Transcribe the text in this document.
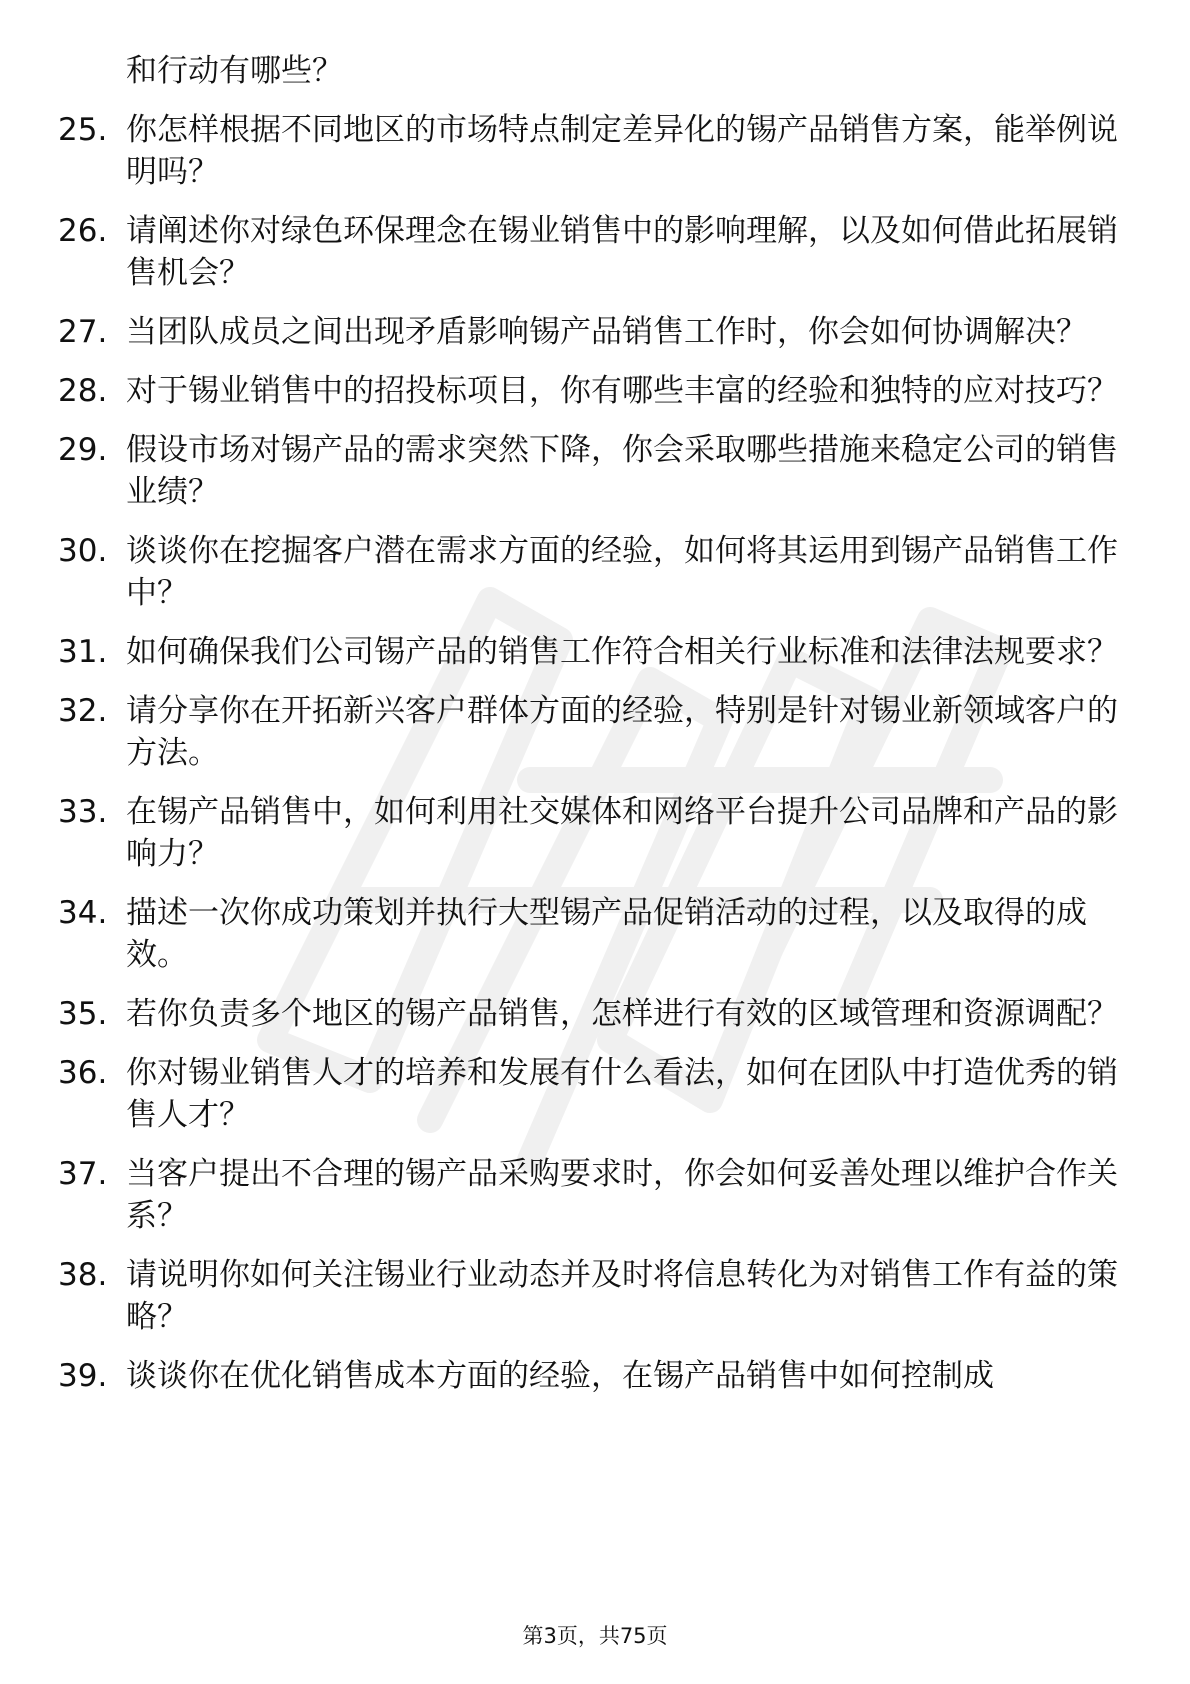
和行动有哪些？
25. 你怎样根据不同地区的市场特点制定差异化的锡产品销售方案，能举例说明吗？
26. 请阐述你对绿色环保理念在锡业销售中的影响理解，以及如何借此拓展销售机会？
27. 当团队成员之间出现矛盾影响锡产品销售工作时，你会如何协调解决？
28. 对于锡业销售中的招投标项目，你有哪些丰富的经验和独特的应对技巧？
29. 假设市场对锡产品的需求突然下降，你会采取哪些措施来稳定公司的销售业绩？
30. 谈谈你在挖掘客户潜在需求方面的经验，如何将其运用到锡产品销售工作中？
31. 如何确保我们公司锡产品的销售工作符合相关行业标准和法律法规要求？
32. 请分享你在开拓新兴客户群体方面的经验，特别是针对锡业新领域客户的方法。
33. 在锡产品销售中，如何利用社交媒体和网络平台提升公司品牌和产品的影响力？
34. 描述一次你成功策划并执行大型锡产品促销活动的过程，以及取得的成效。
35. 若你负责多个地区的锡产品销售，怎样进行有效的区域管理和资源调配？
36. 你对锡业销售人才的培养和发展有什么看法，如何在团队中打造优秀的销售人才？
37. 当客户提出不合理的锡产品采购要求时，你会如何妥善处理以维护合作关系？
38. 请说明你如何关注锡业行业动态并及时将信息转化为对销售工作有益的策略？
39. 谈谈你在优化销售成本方面的经验，在锡产品销售中如何控制成
第3页，共75页
